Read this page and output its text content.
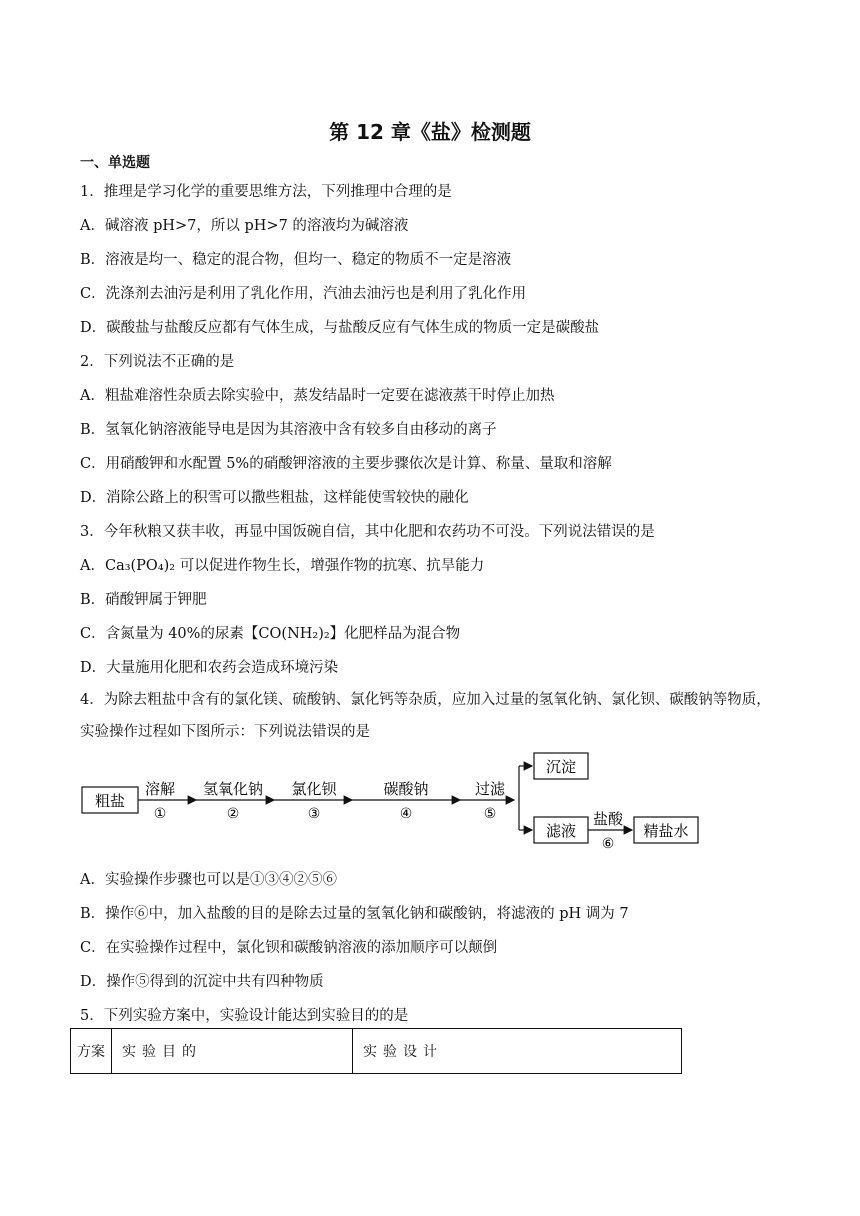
第 12 章《盐》检测题
一、单选题
1．推理是学习化学的重要思维方法，下列推理中合理的是
A．碱溶液 pH>7，所以 pH>7 的溶液均为碱溶液
B．溶液是均一、稳定的混合物，但均一、稳定的物质不一定是溶液
C．洗涤剂去油污是利用了乳化作用，汽油去油污也是利用了乳化作用
D．碳酸盐与盐酸反应都有气体生成，与盐酸反应有气体生成的物质一定是碳酸盐
2．下列说法不正确的是
A．粗盐难溶性杂质去除实验中，蒸发结晶时一定要在滤液蒸干时停止加热
B．氢氧化钠溶液能导电是因为其溶液中含有较多自由移动的离子
C．用硝酸钾和水配置 5%的硝酸钾溶液的主要步骤依次是计算、称量、量取和溶解
D．消除公路上的积雪可以撒些粗盐，这样能使雪较快的融化
3．今年秋粮又获丰收，再显中国饭碗自信，其中化肥和农药功不可没。下列说法错误的是
A．Ca₃(PO₄)₂ 可以促进作物生长，增强作物的抗寒、抗旱能力
B．硝酸钾属于钾肥
C．含氮量为 40%的尿素【CO(NH₂)₂】化肥样品为混合物
D．大量施用化肥和农药会造成环境污染
4．为除去粗盐中含有的氯化镁、硫酸钠、氯化钙等杂质，应加入过量的氢氧化钠、氯化钡、碳酸钠等物质，
实验操作过程如下图所示：下列说法错误的是
粗盐
溶解
①
氢氧化钠
②
氯化钡
③
碳酸钠
④
过滤
⑤
沉淀
滤液
盐酸
⑥
精盐水
A．实验操作步骤也可以是①③④②⑤⑥
B．操作⑥中，加入盐酸的目的是除去过量的氢氧化钠和碳酸钠，将滤液的 pH 调为 7
C．在实验操作过程中，氯化钡和碳酸钠溶液的添加顺序可以颠倒
D．操作⑤得到的沉淀中共有四种物质
5．下列实验方案中，实验设计能达到实验目的的是
方案	实验目的	实验设计
